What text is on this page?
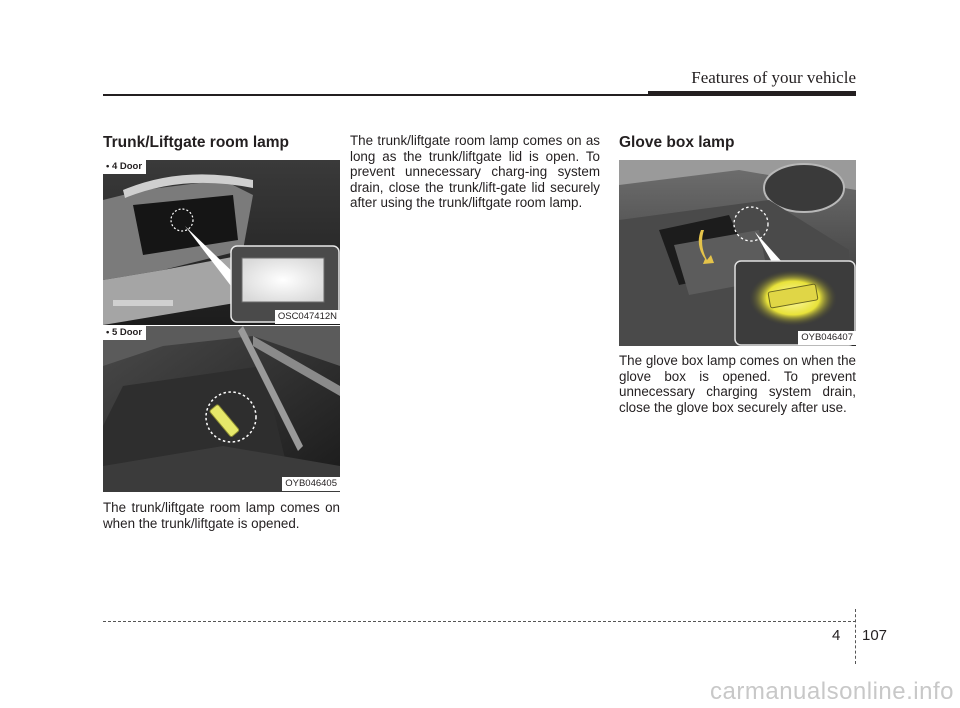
Features of your vehicle
Trunk/Liftgate room lamp
• 4 Door
OSC047412N
• 5 Door
OYB046405

The trunk/liftgate room lamp comes on when the trunk/liftgate is opened.

The trunk/liftgate room lamp comes on as long as the trunk/liftgate lid is open. To prevent unnecessary charg-ing system drain, close the trunk/lift-gate lid securely after using the trunk/liftgate room lamp.

Glove box lamp
OYB046407

The glove box lamp comes on when the glove box is opened. To prevent unnecessary charging system drain, close the glove box securely after use.

4 107
carmanualsonline.info
